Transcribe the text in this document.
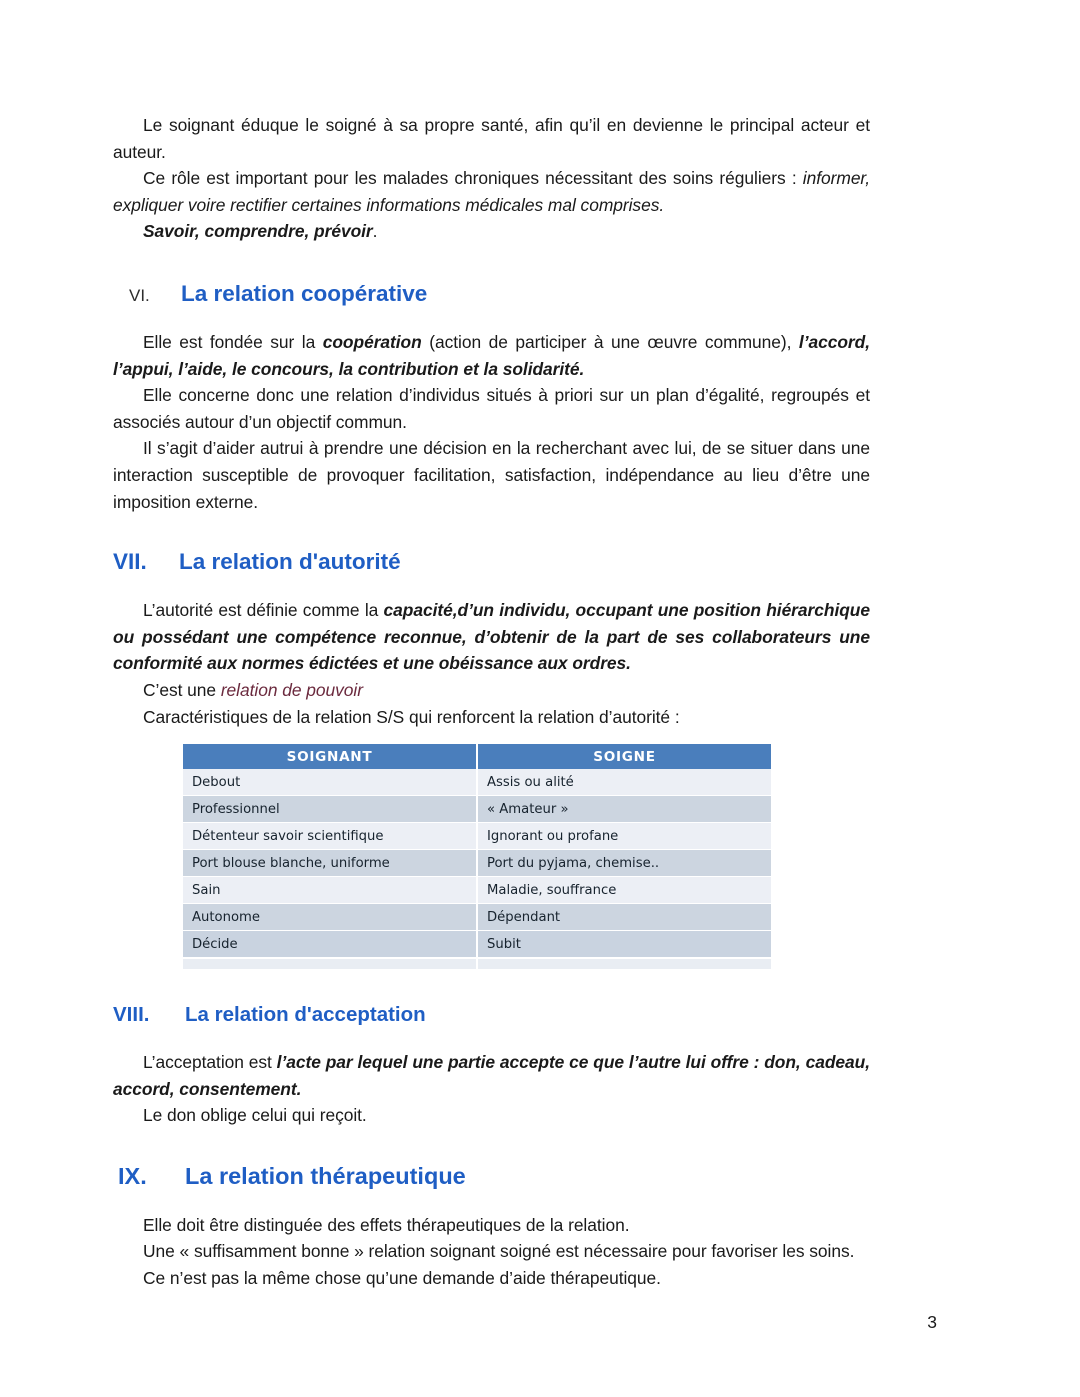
Le soignant éduque le soigné à sa propre santé, afin qu’il en devienne le principal acteur et auteur.

Ce rôle est important pour les malades chroniques nécessitant des soins réguliers : informer, expliquer voire rectifier certaines informations médicales mal comprises.

Savoir, comprendre, prévoir.

VI.	La relation coopérative

Elle est fondée sur la coopération (action de participer à une œuvre commune), l’accord, l’appui, l’aide, le concours, la contribution et la solidarité.

Elle concerne donc une relation d’individus situés à priori sur un plan d’égalité, regroupés et associés autour d’un objectif commun.

Il s’agit d’aider autrui à prendre une décision en la recherchant avec lui, de se situer dans une interaction susceptible de provoquer facilitation, satisfaction, indépendance au lieu d’être une imposition externe.

VII.	La relation d'autorité

L’autorité est définie comme la capacité,d’un individu, occupant une position hiérarchique ou possédant une compétence reconnue, d’obtenir de la part de ses collaborateurs une conformité aux normes édictées et une obéissance aux ordres.

C’est une relation de pouvoir

Caractéristiques de la relation S/S qui renforcent la relation d’autorité :

SOIGNANT	SOIGNE
Debout	Assis ou alité
Professionnel	« Amateur »
Détenteur savoir scientifique	Ignorant ou profane
Port blouse blanche, uniforme	Port du pyjama, chemise..
Sain	Maladie, souffrance
Autonome	Dépendant
Décide	Subit
VIII.	La relation d'acceptation

L’acceptation est l’acte par lequel une partie accepte ce que l’autre lui offre : don, cadeau, accord, consentement.

Le don oblige celui qui reçoit.

IX.	La relation thérapeutique

Elle doit être distinguée des effets thérapeutiques de la relation.

Une « suffisamment bonne » relation soignant soigné est nécessaire pour favoriser les soins.

Ce n’est pas la même chose qu’une demande d’aide thérapeutique.

3
